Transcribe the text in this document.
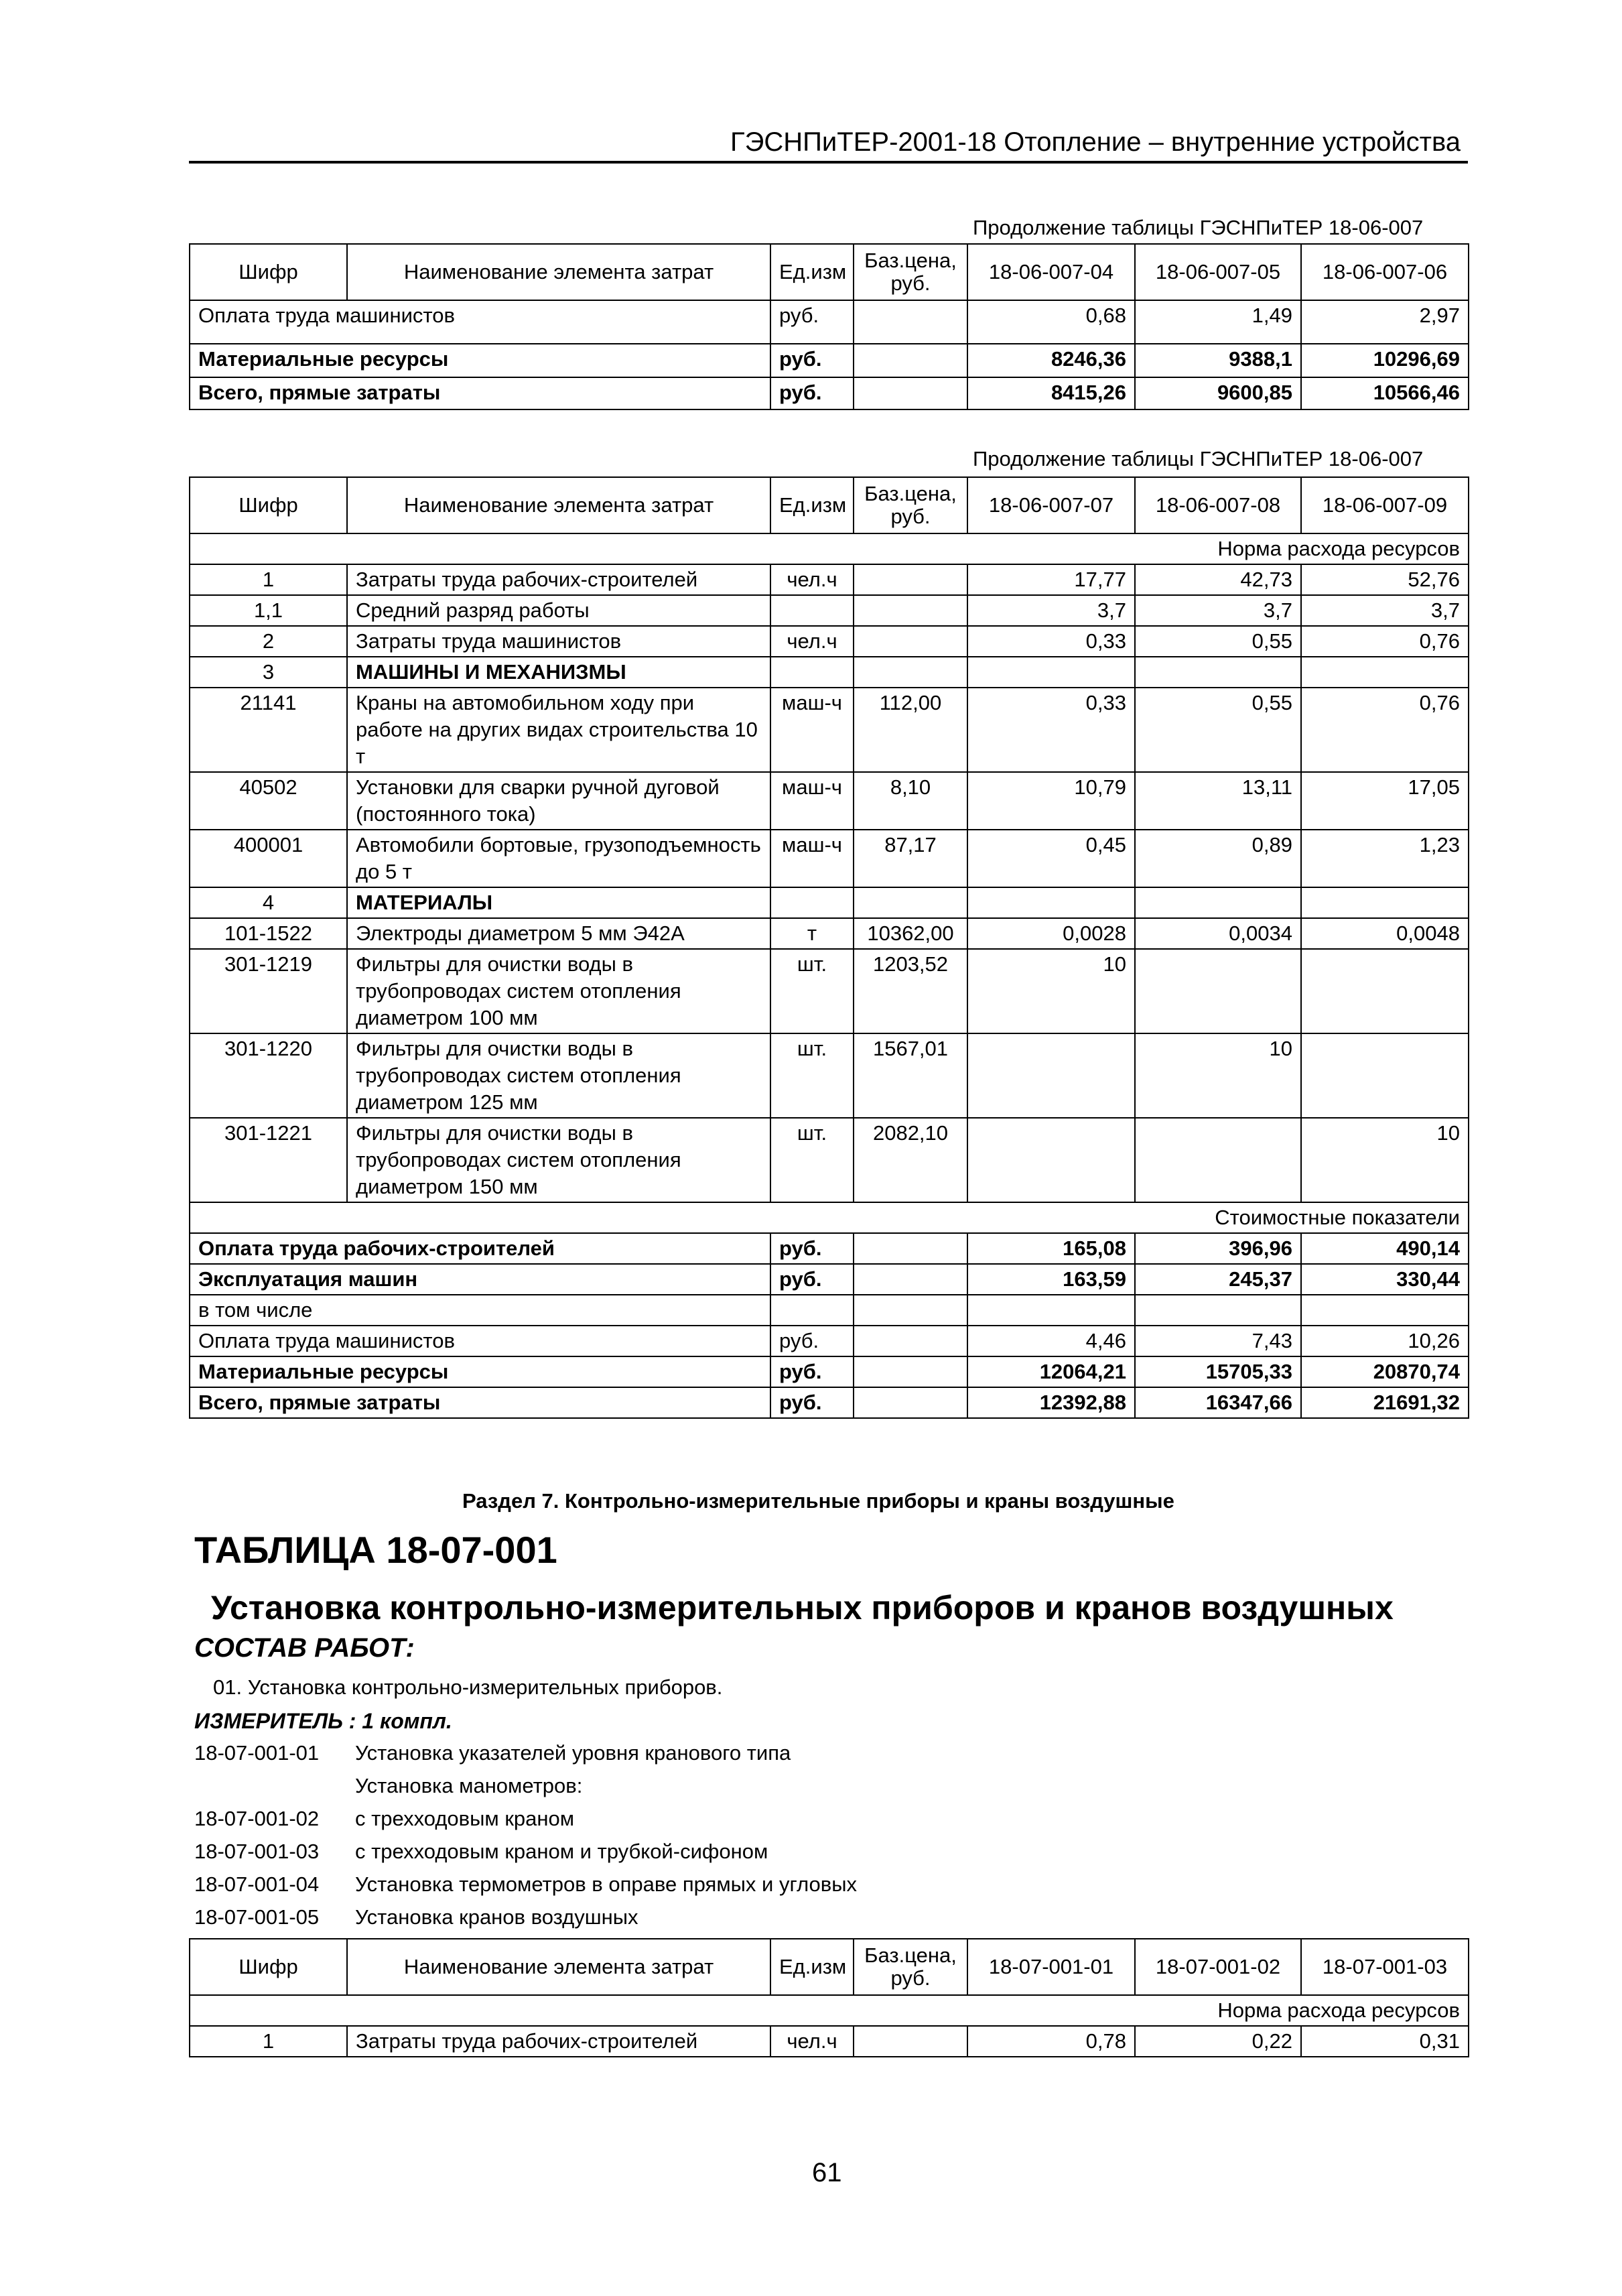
ГЭСНПиТЕР-2001-18 Отопление – внутренние устройства
Продолжение таблицы ГЭСНПиТЕР 18-06-007
Шифр	Наименование элемента затрат	Ед.изм	Баз.цена, руб.	18-06-007-04	18-06-007-05	18-06-007-06
Оплата труда машинистов		руб.		0,68	1,49	2,97
Материальные ресурсы		руб.		8246,36	9388,1	10296,69
Всего, прямые затраты		руб.		8415,26	9600,85	10566,46
Продолжение таблицы ГЭСНПиТЕР 18-06-007
Шифр	Наименование элемента затрат	Ед.изм	Баз.цена, руб.	18-06-007-07	18-06-007-08	18-06-007-09
Норма расхода ресурсов						
1	Затраты труда рабочих-строителей	чел.ч		17,77	42,73	52,76
1,1	Средний разряд работы			3,7	3,7	3,7
2	Затраты труда машинистов	чел.ч		0,33	0,55	0,76
3	МАШИНЫ И МЕХАНИЗМЫ					
21141	Краны на автомобильном ходу при работе на других видах строительства 10 т	маш-ч	112,00	0,33	0,55	0,76
40502	Установки для сварки ручной дуговой (постоянного тока)	маш-ч	8,10	10,79	13,11	17,05
400001	Автомобили бортовые, грузоподъемность до 5 т	маш-ч	87,17	0,45	0,89	1,23
4	МАТЕРИАЛЫ					
101-1522	Электроды диаметром 5 мм Э42А	т	10362,00	0,0028	0,0034	0,0048
301-1219	Фильтры для очистки воды в трубопроводах систем отопления диаметром 100 мм	шт.	1203,52	10		
301-1220	Фильтры для очистки воды в трубопроводах систем отопления диаметром 125 мм	шт.	1567,01		10	
301-1221	Фильтры для очистки воды в трубопроводах систем отопления диаметром 150 мм	шт.	2082,10			10
Стоимостные показатели						
Оплата труда рабочих-строителей		руб.		165,08	396,96	490,14
Эксплуатация машин		руб.		163,59	245,37	330,44
в том числе						
Оплата труда машинистов		руб.		4,46	7,43	10,26
Материальные ресурсы		руб.		12064,21	15705,33	20870,74
Всего, прямые затраты		руб.		12392,88	16347,66	21691,32
Раздел 7. Контрольно-измерительные приборы и краны воздушные
ТАБЛИЦА 18-07-001
Установка контрольно-измерительных приборов и кранов воздушных
СОСТАВ РАБОТ:
01. Установка контрольно-измерительных приборов.
ИЗМЕРИТЕЛЬ : 1 компл.
18-07-001-01 Установка указателей уровня кранового типа
Установка манометров:
18-07-001-02 с трехходовым краном
18-07-001-03 с трехходовым краном и трубкой-сифоном
18-07-001-04 Установка термометров в оправе прямых и угловых
18-07-001-05 Установка кранов воздушных
Шифр	Наименование элемента затрат	Ед.изм	Баз.цена, руб.	18-07-001-01	18-07-001-02	18-07-001-03
Норма расхода ресурсов						
1	Затраты труда рабочих-строителей	чел.ч		0,78	0,22	0,31
61
